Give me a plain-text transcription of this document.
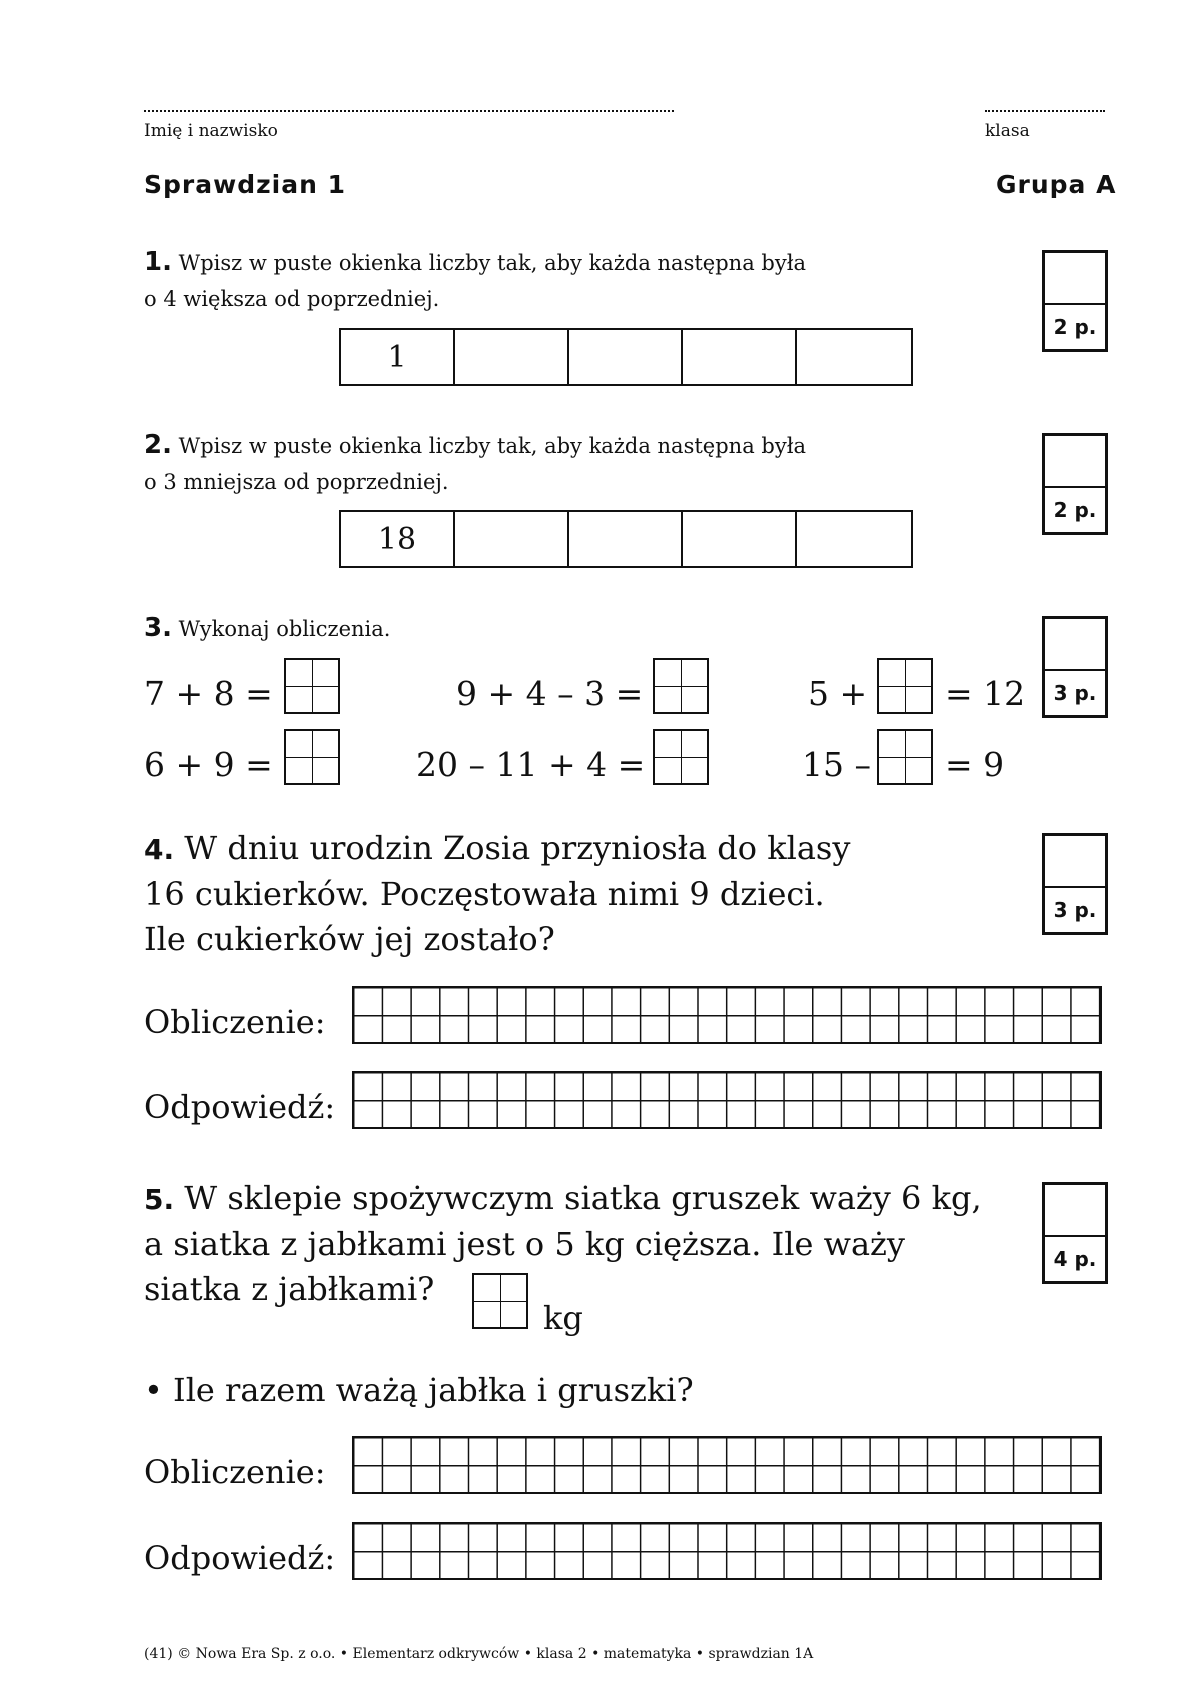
Imię i nazwisko	klasa
Sprawdzian 1	Grupa A
1. Wpisz w puste okienka liczby tak, aby każda następna była
o 4 większa od poprzedniej.
1
2 p.
2. Wpisz w puste okienka liczby tak, aby każda następna była
o 3 mniejsza od poprzedniej.
18
2 p.
3. Wykonaj obliczenia.
3 p.
7 + 8 =	9 + 4 – 3 =	5 + = 12
6 + 9 =	20 – 11 + 4 =	15 – = 9
4. W dniu urodzin Zosia przyniosła do klasy
16 cukierków. Poczęstowała nimi 9 dzieci.
Ile cukierków jej zostało?
3 p.
Obliczenie:
Odpowiedź:
5. W sklepie spożywczym siatka gruszek waży 6 kg,
a siatka z jabłkami jest o 5 kg cięższa. Ile waży
siatka z jabłkami?
kg
4 p.
• Ile razem ważą jabłka i gruszki?
Obliczenie:
Odpowiedź:
(41) © Nowa Era Sp. z o.o. • Elementarz odkrywców • klasa 2 • matematyka • sprawdzian 1A
